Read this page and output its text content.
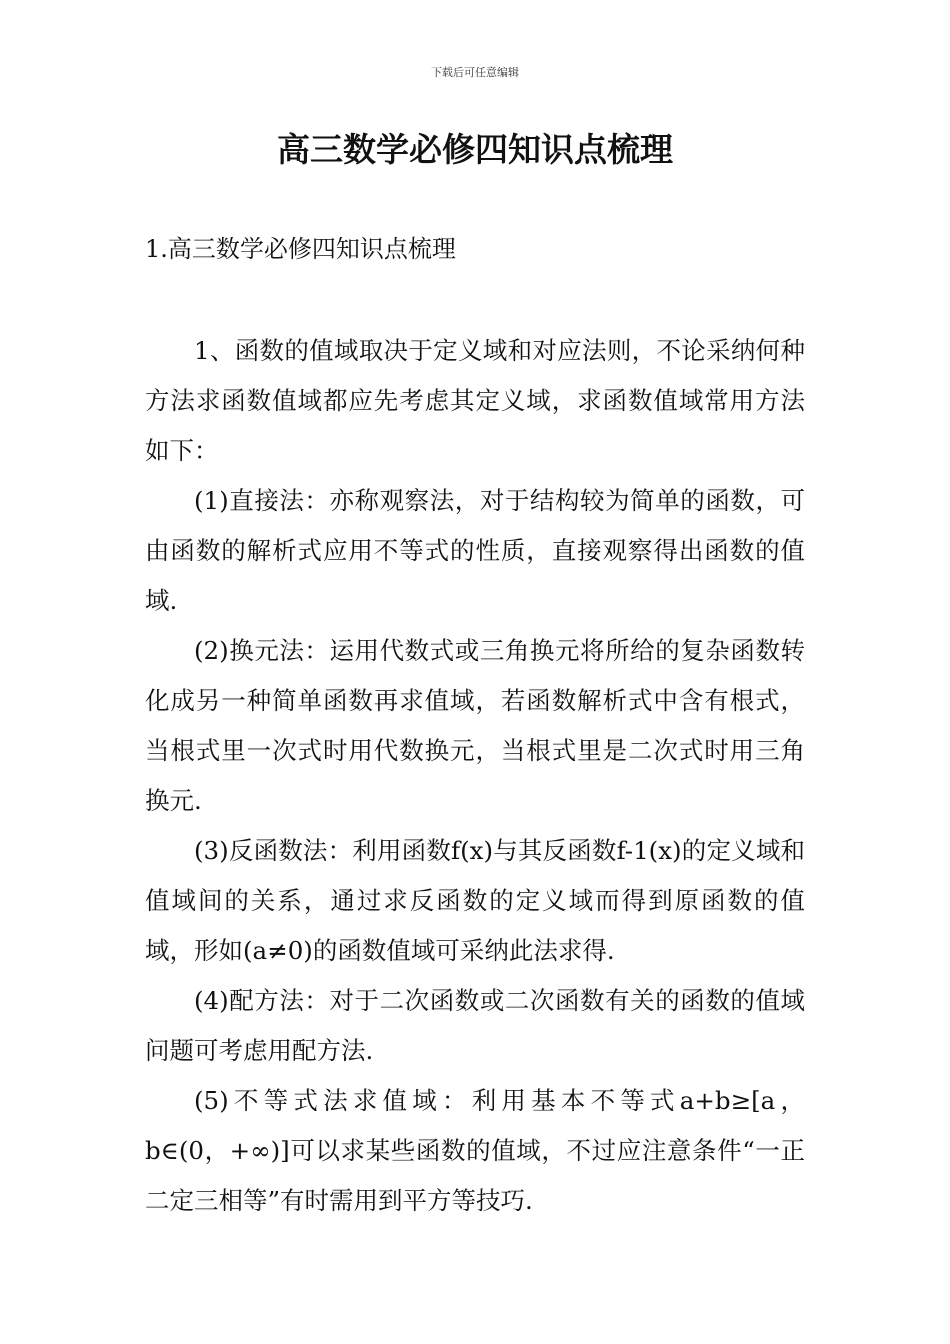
下载后可任意编辑
高三数学必修四知识点梳理
1.高三数学必修四知识点梳理

1、函数的值域取决于定义域和对应法则，不论采纳何种方法求函数值域都应先考虑其定义域，求函数值域常用方法如下：

(1)直接法：亦称观察法，对于结构较为简单的函数，可由函数的解析式应用不等式的性质，直接观察得出函数的值域.

(2)换元法：运用代数式或三角换元将所给的复杂函数转化成另一种简单函数再求值域，若函数解析式中含有根式，当根式里一次式时用代数换元，当根式里是二次式时用三角换元.

(3)反函数法：利用函数f(x)与其反函数f-1(x)的定义域和值域间的关系，通过求反函数的定义域而得到原函数的值域，形如(a≠0)的函数值域可采纳此法求得.

(4)配方法：对于二次函数或二次函数有关的函数的值域问题可考虑用配方法.

(5)不等式法求值域：利用基本不等式a+b≥[a，b∈(0，+∞)]可以求某些函数的值域，不过应注意条件“一正二定三相等”有时需用到平方等技巧.
